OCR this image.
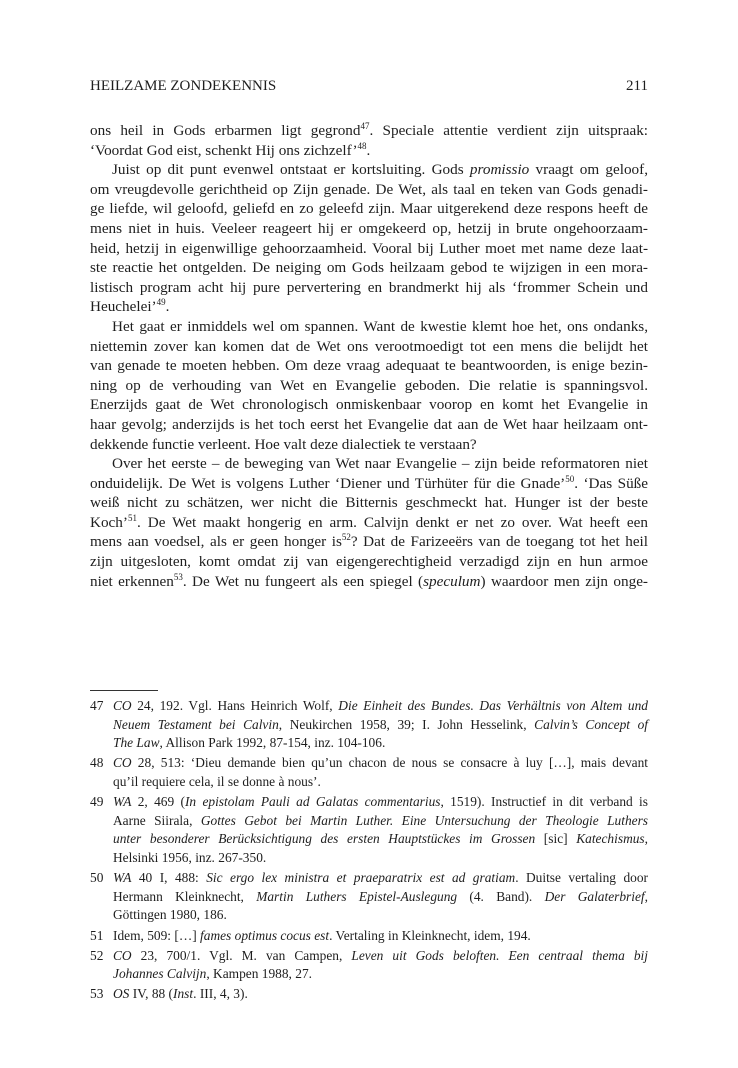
HEILZAME ZONDEKENNIS	211
ons heil in Gods erbarmen ligt gegrond$^{47}$. Speciale attentie verdient zijn uitspraak:
‘Voordat God eist, schenkt Hij ons zichzelf’$^{48}$.
Juist op dit punt evenwel ontstaat er kortsluiting. Gods promissio vraagt om geloof,
om vreugdevolle gerichtheid op Zijn genade. De Wet, als taal en teken van Gods genadi-
ge liefde, wil geloofd, geliefd en zo geleefd zijn. Maar uitgerekend deze respons heeft de
mens niet in huis. Veeleer reageert hij er omgekeerd op, hetzij in brute ongehoorzaam-
heid, hetzij in eigenwillige gehoorzaamheid. Vooral bij Luther moet met name deze laat-
ste reactie het ontgelden. De neiging om Gods heilzaam gebod te wijzigen in een mora-
listisch program acht hij pure pervertering en brandmerkt hij als ‘frommer Schein und
Heuchelei’$^{49}$.
Het gaat er inmiddels wel om spannen. Want de kwestie klemt hoe het, ons ondanks,
niettemin zover kan komen dat de Wet ons verootmoedigt tot een mens die belijdt het
van genade te moeten hebben. Om deze vraag adequaat te beantwoorden, is enige bezin-
ning op de verhouding van Wet en Evangelie geboden. Die relatie is spanningsvol.
Enerzijds gaat de Wet chronologisch onmiskenbaar voorop en komt het Evangelie in
haar gevolg; anderzijds is het toch eerst het Evangelie dat aan de Wet haar heilzaam ont-
dekkende functie verleent. Hoe valt deze dialectiek te verstaan?
Over het eerste – de beweging van Wet naar Evangelie – zijn beide reformatoren niet
onduidelijk. De Wet is volgens Luther ‘Diener und Türhüter für die Gnade’$^{50}$. ‘Das Süße
weiß nicht zu schätzen, wer nicht die Bitternis geschmeckt hat. Hunger ist der beste
Koch’$^{51}$. De Wet maakt hongerig en arm. Calvijn denkt er net zo over. Wat heeft een
mens aan voedsel, als er geen honger $is^{52}$? Dat de Farizeeërs van de toegang tot het heil
zijn uitgesloten, komt omdat zij van eigengerechtigheid verzadigd zijn en hun armoe
niet erkennen$^{53}$. De Wet nu fungeert als een spiegel (speculum) waardoor men zijn onge-
47 CO 24, 192. Vgl. Hans Heinrich Wolf, Die Einheit des Bundes. Das Verhältnis von Altem und
Neuem Testament bei Calvin, Neukirchen 1958, 39; I. John Hesselink, Calvin’s Concept of
The Law, Allison Park 1992, 87-154, inz. 104-106.
48 CO 28, 513: ‘Dieu demande bien qu’un chacon de nous se consacre à luy […], mais devant
qu’il requiere cela, il se donne à nous’.
49 WA 2, 469 (In epistolam Pauli ad Galatas commentarius, 1519). Instructief in dit verband is
Aarne Siirala, Gottes Gebot bei Martin Luther. Eine Untersuchung der Theologie Luthers
unter besonderer Berücksichtigung des ersten Hauptstückes im Grossen [sic] Katechismus,
Helsinki 1956, inz. 267-350.
50 WA 40 I, 488: Sic ergo lex ministra et praeparatrix est ad gratiam. Duitse vertaling door
Hermann Kleinknecht, Martin Luthers Epistel-Auslegung (4. Band). Der Galaterbrief,
Göttingen 1980, 186.
51 Idem, 509: […] fames optimus cocus est. Vertaling in Kleinknecht, idem, 194.
52 CO 23, 700/1. Vgl. M. van Campen, Leven uit Gods beloften. Een centraal thema bij
Johannes Calvijn, Kampen 1988, 27.
53 OS IV, 88 (Inst. III, 4, 3).
